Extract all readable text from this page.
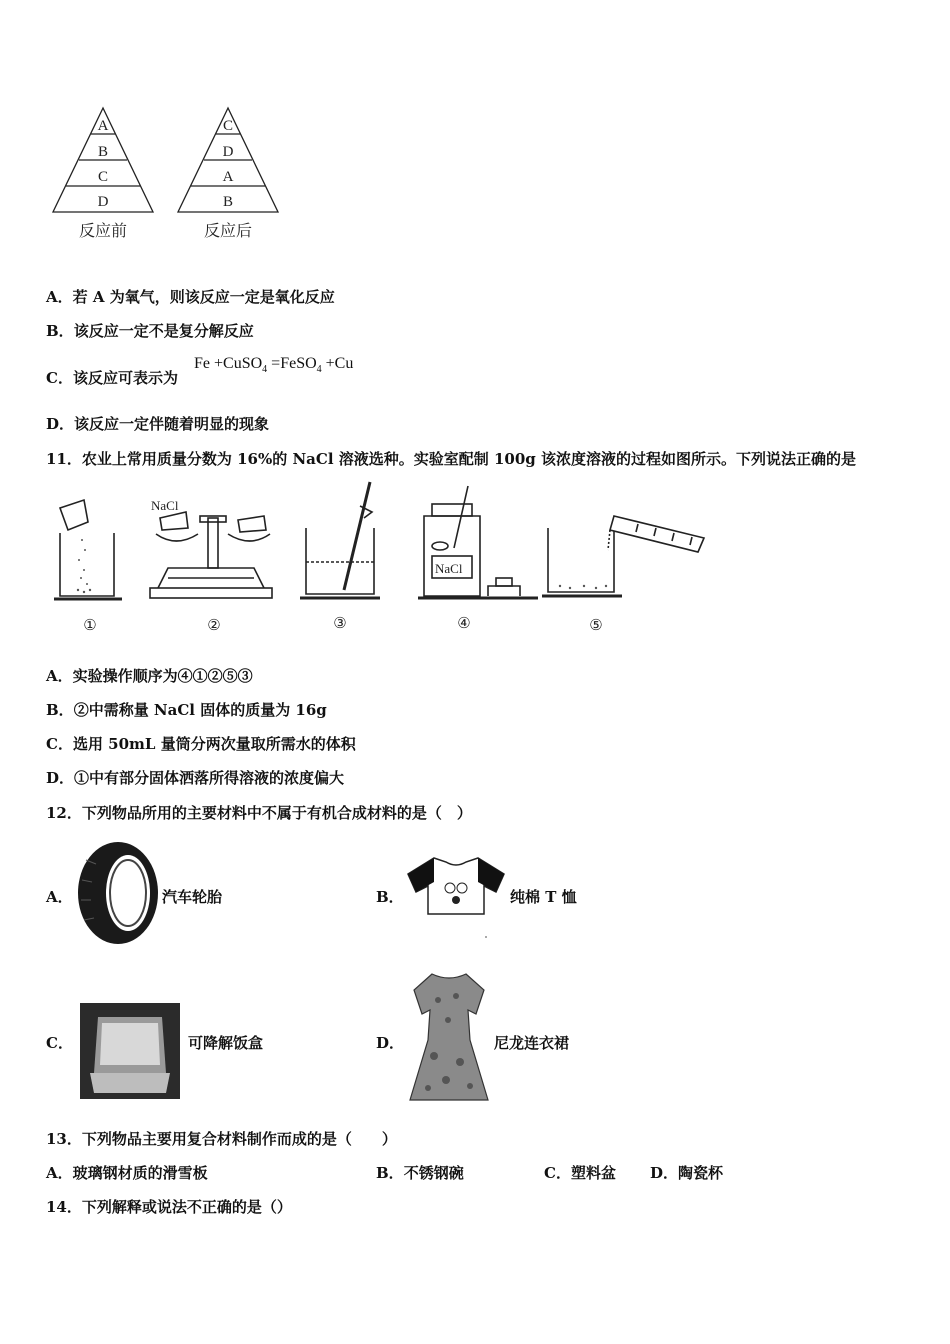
A
B
C
D
C
D
A
B
反应前	反应后
A．若 A 为氧气，则该反应一定是氧化反应
B．该反应一定不是复分解反应
C．该反应可表示为
Fe +CuSO$_4$ =FeSO$_4$ +Cu
D．该反应一定伴随着明显的现象
11．农业上常用质量分数为 16%的 NaCl 溶液选种。实验室配制 100g 该浓度溶液的过程如图所示。下列说法正确的是
NaCl
NaCl
①	②	③	④	⑤
A．实验操作顺序为④①②⑤③
B．②中需称量 NaCl 固体的质量为 16g
C．选用 50mL 量筒分两次量取所需水的体积
D．①中有部分固体洒落所得溶液的浓度偏大
12．下列物品所用的主要材料中不属于有机合成材料的是（　）
A．	汽车轮胎	B．	纯棉 T 恤
C．	可降解饭盒	D．	尼龙连衣裙
13．下列物品主要用复合材料制作而成的是（　　）
A．玻璃钢材质的滑雪板	B．不锈钢碗	C．塑料盆 D．陶瓷杯
14．下列解释或说法不正确的是（）
